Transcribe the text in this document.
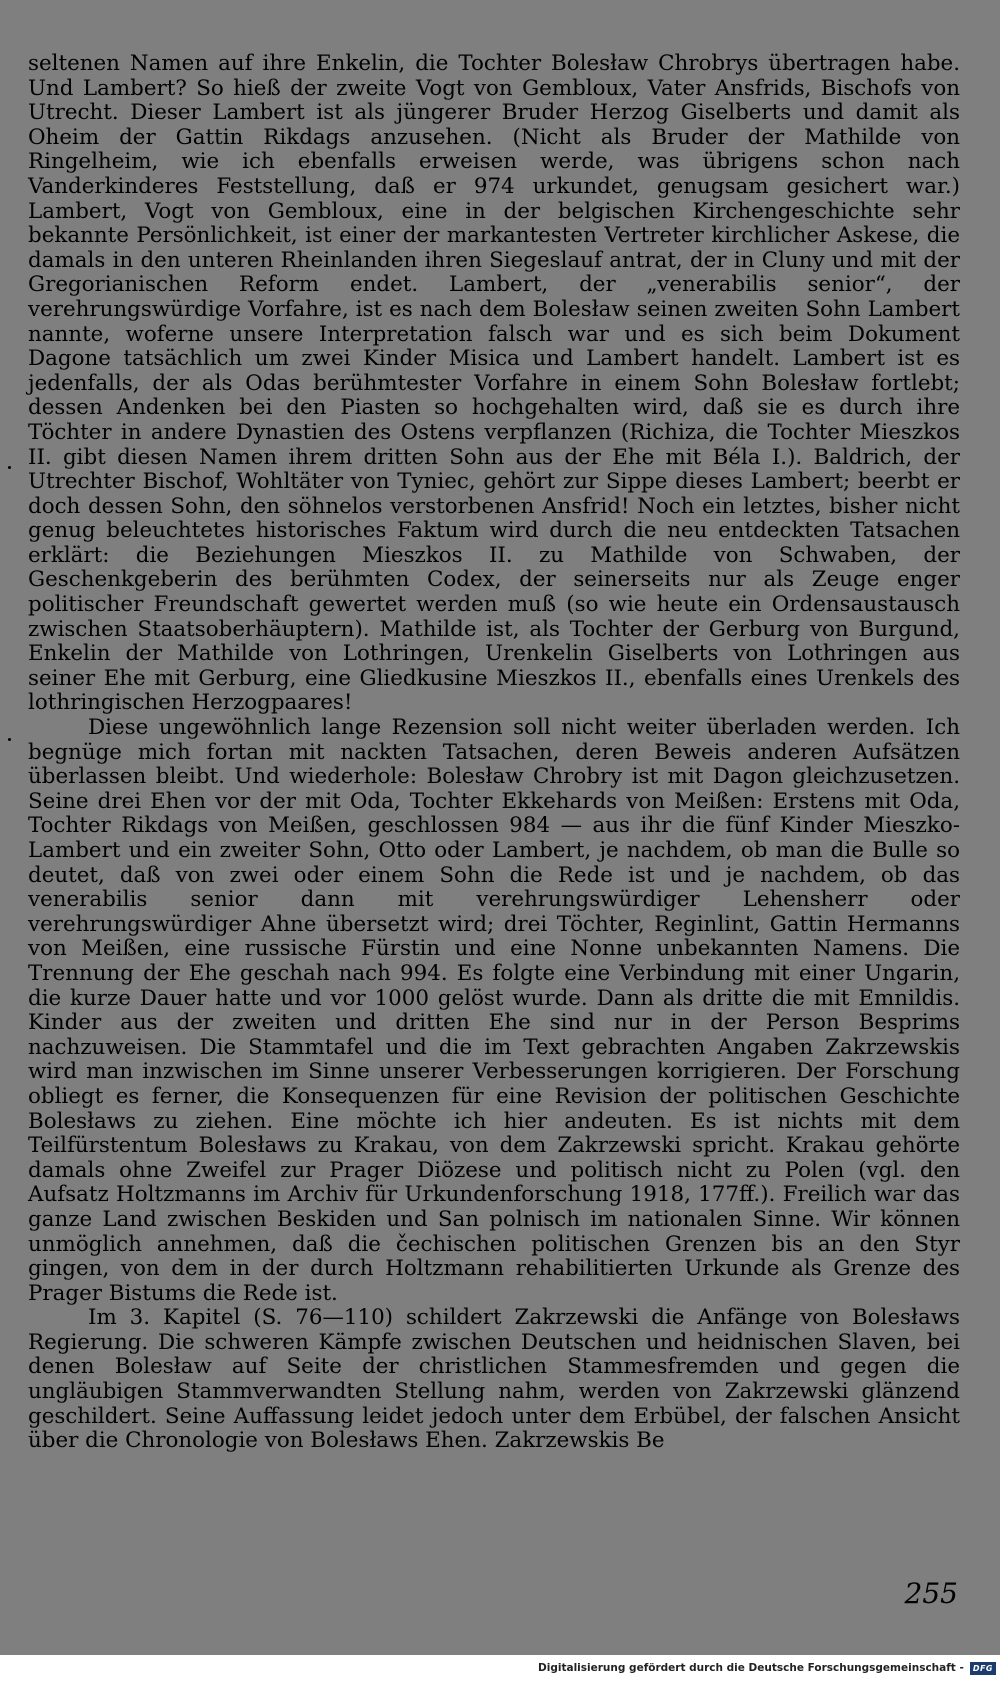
seltenen Namen auf ihre Enkelin, die Tochter Bolesław Chrobrys übertragen habe. Und Lambert? So hieß der zweite Vogt von Gembloux, Vater Ansfrids, Bischofs von Utrecht. Dieser Lambert ist als jüngerer Bruder Herzog Giselberts und damit als Oheim der Gattin Rikdags anzusehen. (Nicht als Bruder der Mathilde von Ringelheim, wie ich ebenfalls erweisen werde, was übrigens schon nach Vanderkinderes Feststellung, daß er 974 urkundet, genugsam gesichert war.) Lambert, Vogt von Gembloux, eine in der belgischen Kirchengeschichte sehr bekannte Persönlichkeit, ist einer der markantesten Vertreter kirchlicher Askese, die damals in den unteren Rheinlanden ihren Siegeslauf antrat, der in Cluny und mit der Gregorianischen Reform endet. Lambert, der „venerabilis senior“, der verehrungswürdige Vorfahre, ist es nach dem Bolesław seinen zweiten Sohn Lambert nannte, woferne unsere Interpretation falsch war und es sich beim Dokument Dagone tatsächlich um zwei Kinder Misica und Lambert handelt. Lambert ist es jedenfalls, der als Odas berühmtester Vorfahre in einem Sohn Bolesław fortlebt; dessen Andenken bei den Piasten so hochgehalten wird, daß sie es durch ihre Töchter in andere Dynastien des Ostens verpflanzen (Richiza, die Tochter Mieszkos II. gibt diesen Namen ihrem dritten Sohn aus der Ehe mit Béla I.). Baldrich, der Utrechter Bischof, Wohltäter von Tyniec, gehört zur Sippe dieses Lambert; beerbt er doch dessen Sohn, den söhnelos verstorbenen Ansfrid! Noch ein letztes, bisher nicht genug beleuchtetes historisches Faktum wird durch die neu entdeckten Tatsachen erklärt: die Beziehungen Mieszkos II. zu Mathilde von Schwaben, der Geschenkgeberin des berühmten Codex, der seinerseits nur als Zeuge enger politischer Freundschaft gewertet werden muß (so wie heute ein Ordensaustausch zwischen Staatsoberhäuptern). Mathilde ist, als Tochter der Gerburg von Burgund, Enkelin der Mathilde von Lothringen, Urenkelin Giselberts von Lothringen aus seiner Ehe mit Gerburg, eine Gliedkusine Mieszkos II., ebenfalls eines Urenkels des lothringischen Herzogpaares!

Diese ungewöhnlich lange Rezension soll nicht weiter überladen werden. Ich begnüge mich fortan mit nackten Tatsachen, deren Beweis anderen Aufsätzen überlassen bleibt. Und wiederhole: Bolesław Chrobry ist mit Dagon gleichzusetzen. Seine drei Ehen vor der mit Oda, Tochter Ekkehards von Meißen: Erstens mit Oda, Tochter Rikdags von Meißen, geschlossen 984 — aus ihr die fünf Kinder Mieszko-Lambert und ein zweiter Sohn, Otto oder Lambert, je nachdem, ob man die Bulle so deutet, daß von zwei oder einem Sohn die Rede ist und je nachdem, ob das venerabilis senior dann mit verehrungswürdiger Lehensherr oder verehrungswürdiger Ahne übersetzt wird; drei Töchter, Reginlint, Gattin Hermanns von Meißen, eine russische Fürstin und eine Nonne unbekannten Namens. Die Trennung der Ehe geschah nach 994. Es folgte eine Verbindung mit einer Ungarin, die kurze Dauer hatte und vor 1000 gelöst wurde. Dann als dritte die mit Emnildis. Kinder aus der zweiten und dritten Ehe sind nur in der Person Besprims nachzuweisen. Die Stammtafel und die im Text gebrachten Angaben Zakrzewskis wird man inzwischen im Sinne unserer Verbesserungen korrigieren. Der Forschung obliegt es ferner, die Konsequenzen für eine Revision der politischen Geschichte Bolesławs zu ziehen. Eine möchte ich hier andeuten. Es ist nichts mit dem Teilfürstentum Bolesławs zu Krakau, von dem Zakrzewski spricht. Krakau gehörte damals ohne Zweifel zur Prager Diözese und politisch nicht zu Polen (vgl. den Aufsatz Holtzmanns im Archiv für Urkundenforschung 1918, 177ff.). Freilich war das ganze Land zwischen Beskiden und San polnisch im nationalen Sinne. Wir können unmöglich annehmen, daß die čechischen politischen Grenzen bis an den Styr gingen, von dem in der durch Holtzmann rehabilitierten Urkunde als Grenze des Prager Bistums die Rede ist.

Im 3. Kapitel (S. 76—110) schildert Zakrzewski die Anfänge von Bolesławs Regierung. Die schweren Kämpfe zwischen Deutschen und heidnischen Slaven, bei denen Bolesław auf Seite der christlichen Stammesfremden und gegen die ungläubigen Stammverwandten Stellung nahm, werden von Zakrzewski glänzend geschildert. Seine Auffassung leidet jedoch unter dem Erbübel, der falschen Ansicht über die Chronologie von Bolesławs Ehen. Zakrzewskis Be

255
Digitalisierung gefördert durch die Deutsche Forschungsgemeinschaft -	DFG
